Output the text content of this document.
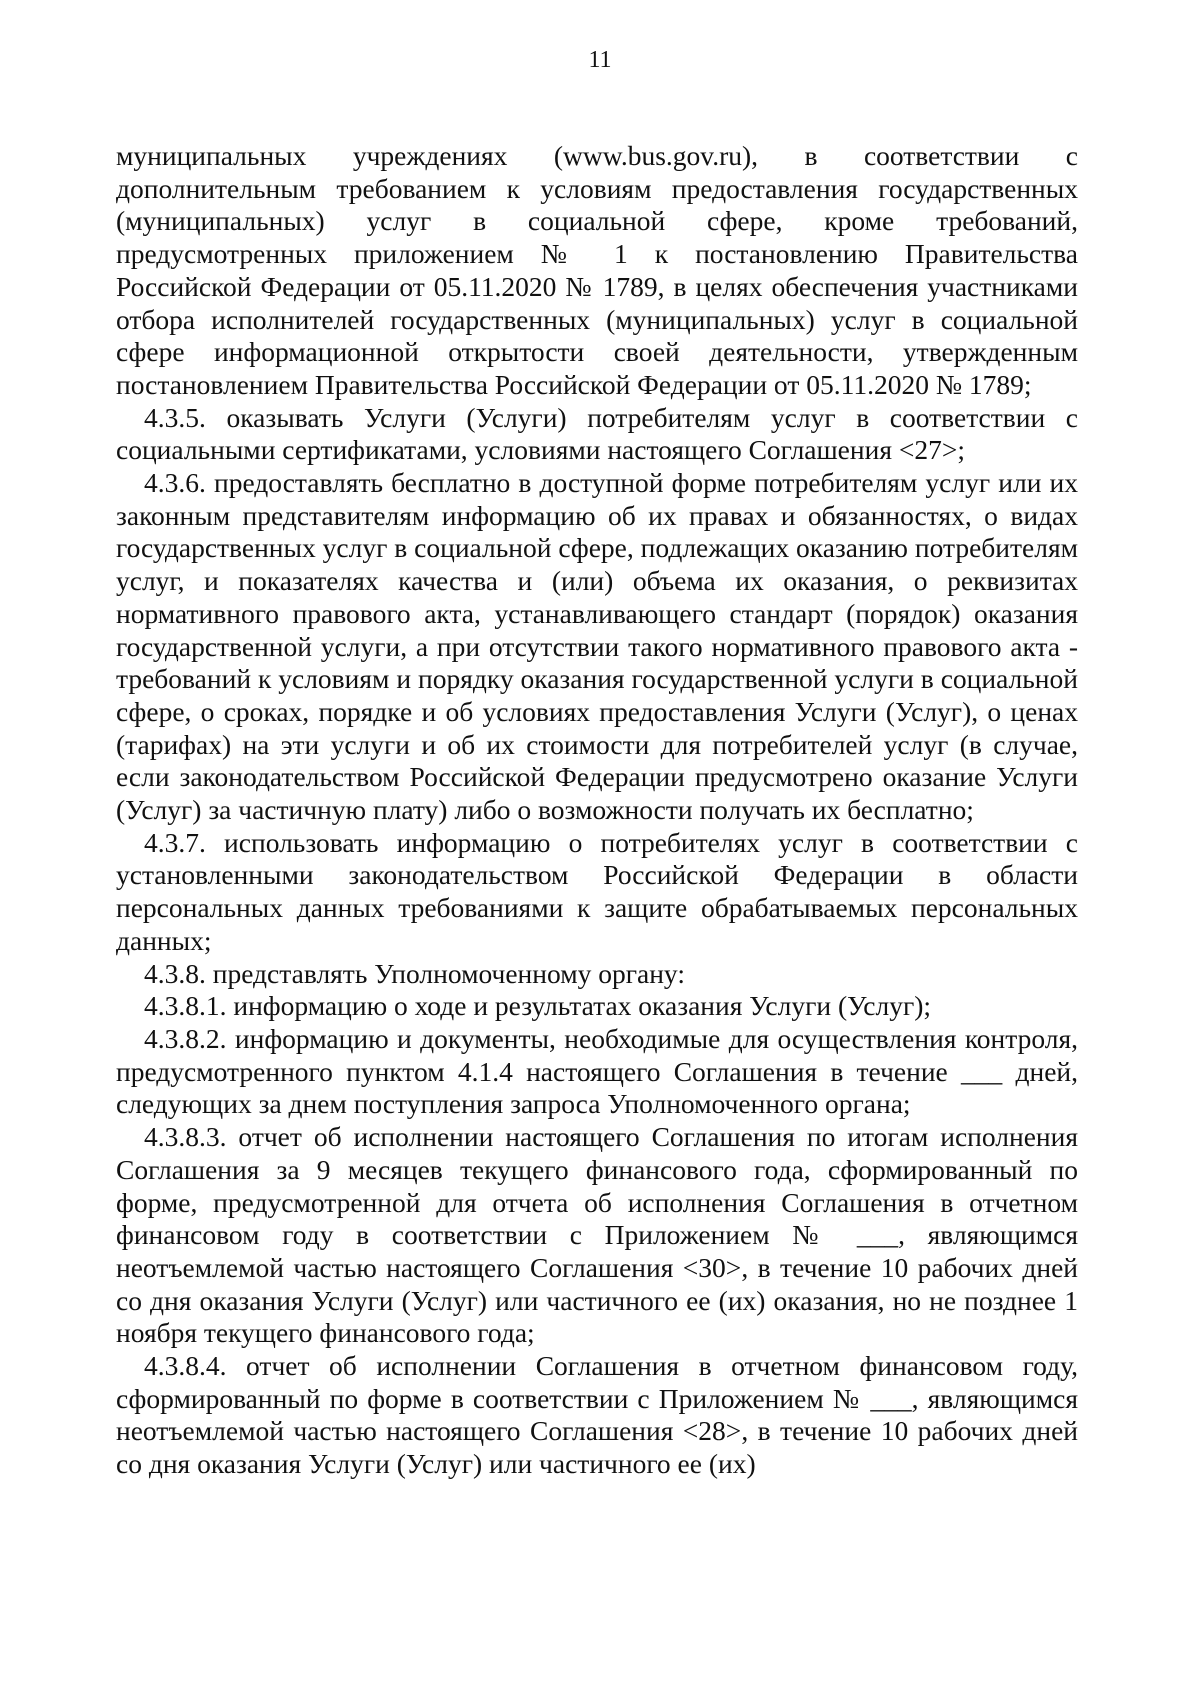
11

муниципальных учреждениях (www.bus.gov.ru), в соответствии с дополнительным требованием к условиям предоставления государственных (муниципальных) услуг в социальной сфере, кроме требований, предусмотренных приложением № 1 к постановлению Правительства Российской Федерации от 05.11.2020 № 1789, в целях обеспечения участниками отбора исполнителей государственных (муниципальных) услуг в социальной сфере информационной открытости своей деятельности, утвержденным постановлением Правительства Российской Федерации от 05.11.2020 № 1789;

4.3.5. оказывать Услуги (Услуги) потребителям услуг в соответствии с социальными сертификатами, условиями настоящего Соглашения <27>;

4.3.6. предоставлять бесплатно в доступной форме потребителям услуг или их законным представителям информацию об их правах и обязанностях, о видах государственных услуг в социальной сфере, подлежащих оказанию потребителям услуг, и показателях качества и (или) объема их оказания, о реквизитах нормативного правового акта, устанавливающего стандарт (порядок) оказания государственной услуги, а при отсутствии такого нормативного правового акта - требований к условиям и порядку оказания государственной услуги в социальной сфере, о сроках, порядке и об условиях предоставления Услуги (Услуг), о ценах (тарифах) на эти услуги и об их стоимости для потребителей услуг (в случае, если законодательством Российской Федерации предусмотрено оказание Услуги (Услуг) за частичную плату) либо о возможности получать их бесплатно;

4.3.7. использовать информацию о потребителях услуг в соответствии с установленными законодательством Российской Федерации в области персональных данных требованиями к защите обрабатываемых персональных данных;

4.3.8. представлять Уполномоченному органу:

4.3.8.1. информацию о ходе и результатах оказания Услуги (Услуг);

4.3.8.2. информацию и документы, необходимые для осуществления контроля, предусмотренного пунктом 4.1.4 настоящего Соглашения в течение ___ дней, следующих за днем поступления запроса Уполномоченного органа;

4.3.8.3. отчет об исполнении настоящего Соглашения по итогам исполнения Соглашения за 9 месяцев текущего финансового года, сформированный по форме, предусмотренной для отчета об исполнения Соглашения в отчетном финансовом году в соответствии с Приложением № ___, являющимся неотъемлемой частью настоящего Соглашения <30>, в течение 10 рабочих дней со дня оказания Услуги (Услуг) или частичного ее (их) оказания, но не позднее 1 ноября текущего финансового года;

4.3.8.4. отчет об исполнении Соглашения в отчетном финансовом году, сформированный по форме в соответствии с Приложением № ___, являющимся неотъемлемой частью настоящего Соглашения <28>, в течение 10 рабочих дней со дня оказания Услуги (Услуг) или частичного ее (их)
